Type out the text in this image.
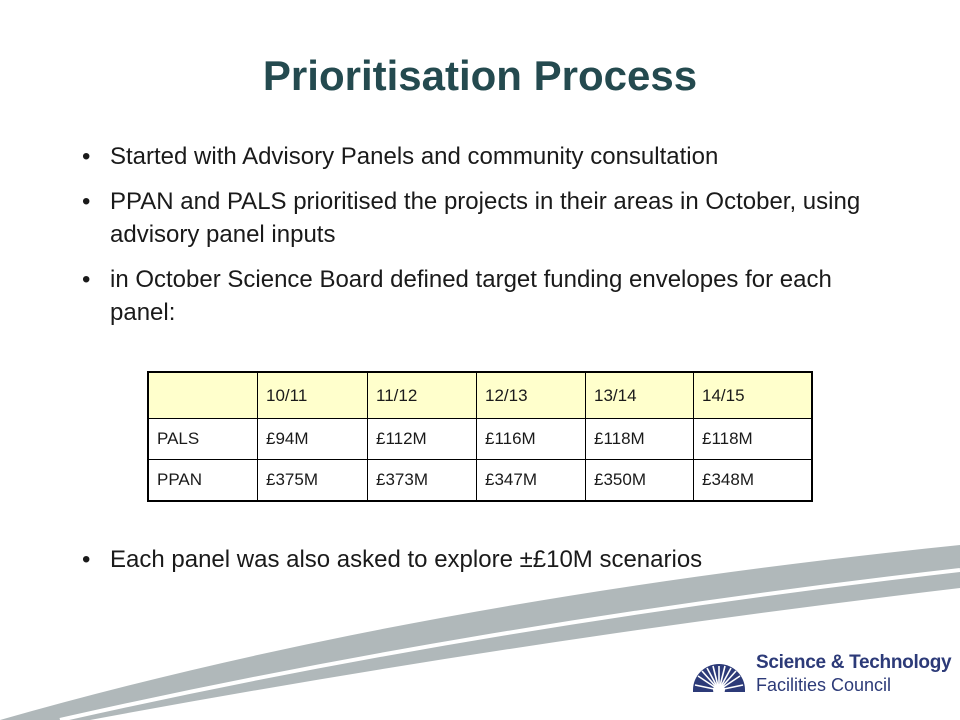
Prioritisation Process
• Started with Advisory Panels and community consultation
• PPAN and PALS prioritised the projects in their areas in October, using advisory panel inputs
• in October Science Board defined target funding envelopes for each panel:
	10/11	11/12	12/13	13/14	14/15
PALS	£94M	£112M	£116M	£118M	£118M
PPAN	£375M	£373M	£347M	£350M	£348M
• Each panel was also asked to explore ±£10M scenarios
Science & Technology
Facilities Council
